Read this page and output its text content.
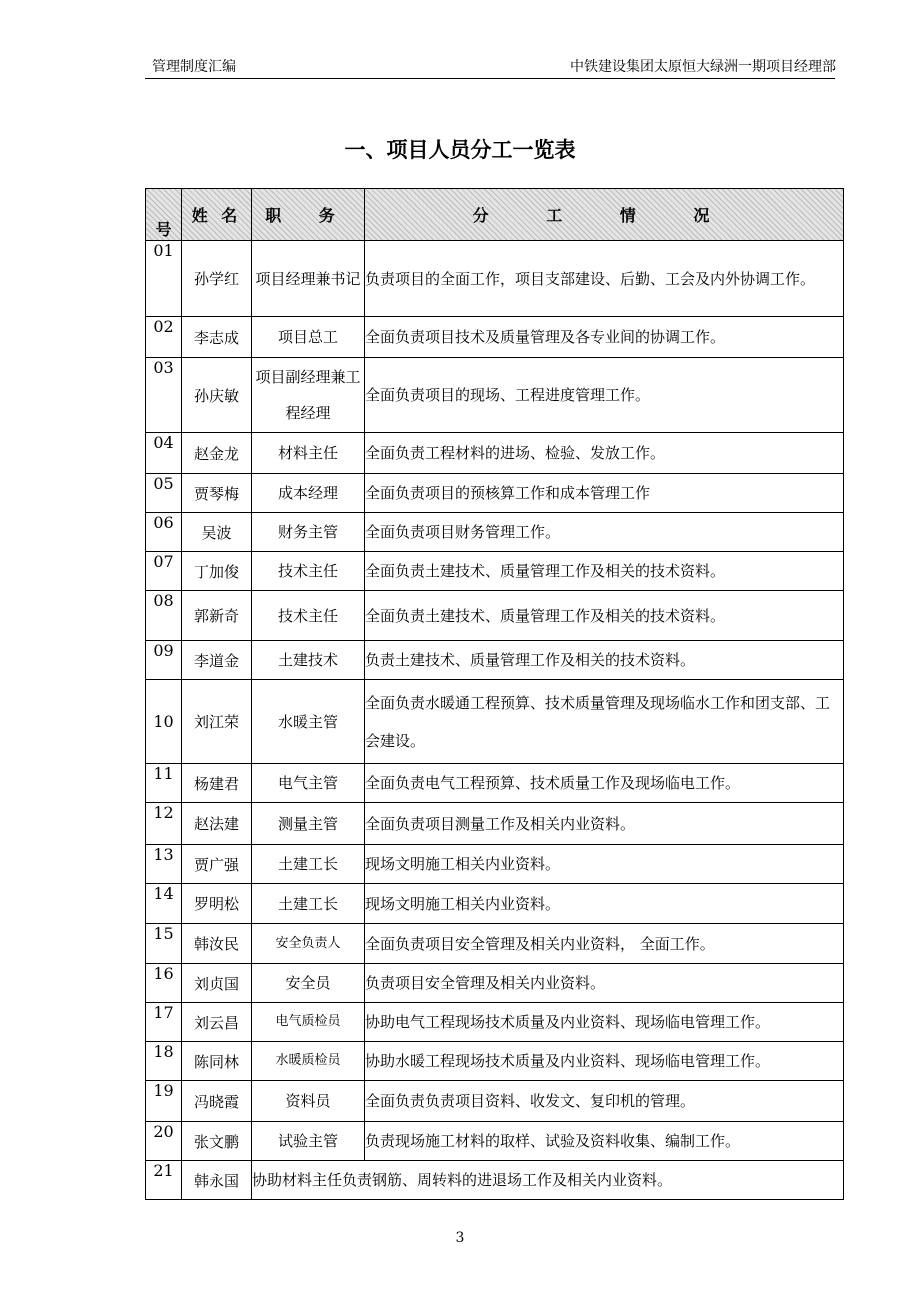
管理制度汇编	中铁建设集团太原恒大绿洲一期项目经理部
一、项目人员分工一览表
号	姓 名	职 务	分 工 情 况
01	孙学红	项目经理兼书记	负责项目的全面工作，项目支部建设、后勤、工会及内外协调工作。
02	李志成	项目总工	全面负责项目技术及质量管理及各专业间的协调工作。
03	孙庆敏	项目副经理兼工程经理	全面负责项目的现场、工程进度管理工作。
04	赵金龙	材料主任	全面负责工程材料的进场、检验、发放工作。
05	贾琴梅	成本经理	全面负责项目的预核算工作和成本管理工作
06	吴波	财务主管	全面负责项目财务管理工作。
07	丁加俊	技术主任	全面负责土建技术、质量管理工作及相关的技术资料。
08	郭新奇	技术主任	全面负责土建技术、质量管理工作及相关的技术资料。
09	李道金	土建技术	负责土建技术、质量管理工作及相关的技术资料。
10	刘江荣	水暖主管	全面负责水暖通工程预算、技术质量管理及现场临水工作和团支部、工会建设。
11	杨建君	电气主管	全面负责电气工程预算、技术质量工作及现场临电工作。
12	赵法建	测量主管	全面负责项目测量工作及相关内业资料。
13	贾广强	土建工长	现场文明施工相关内业资料。
14	罗明松	土建工长	现场文明施工相关内业资料。
15	韩汝民	安全负责人	全面负责项目安全管理及相关内业资料， 全面工作。
16	刘贞国	安全员	负责项目安全管理及相关内业资料。
17	刘云昌	电气质检员	协助电气工程现场技术质量及内业资料、现场临电管理工作。
18	陈同林	水暖质检员	协助水暖工程现场技术质量及内业资料、现场临电管理工作。
19	冯晓霞	资料员	全面负责负责项目资料、收发文、复印机的管理。
20	张文鹏	试验主管	负责现场施工材料的取样、试验及资料收集、编制工作。
21	韩永国	协助材料主任负责钢筋、周转料的进退场工作及相关内业资料。	
3
